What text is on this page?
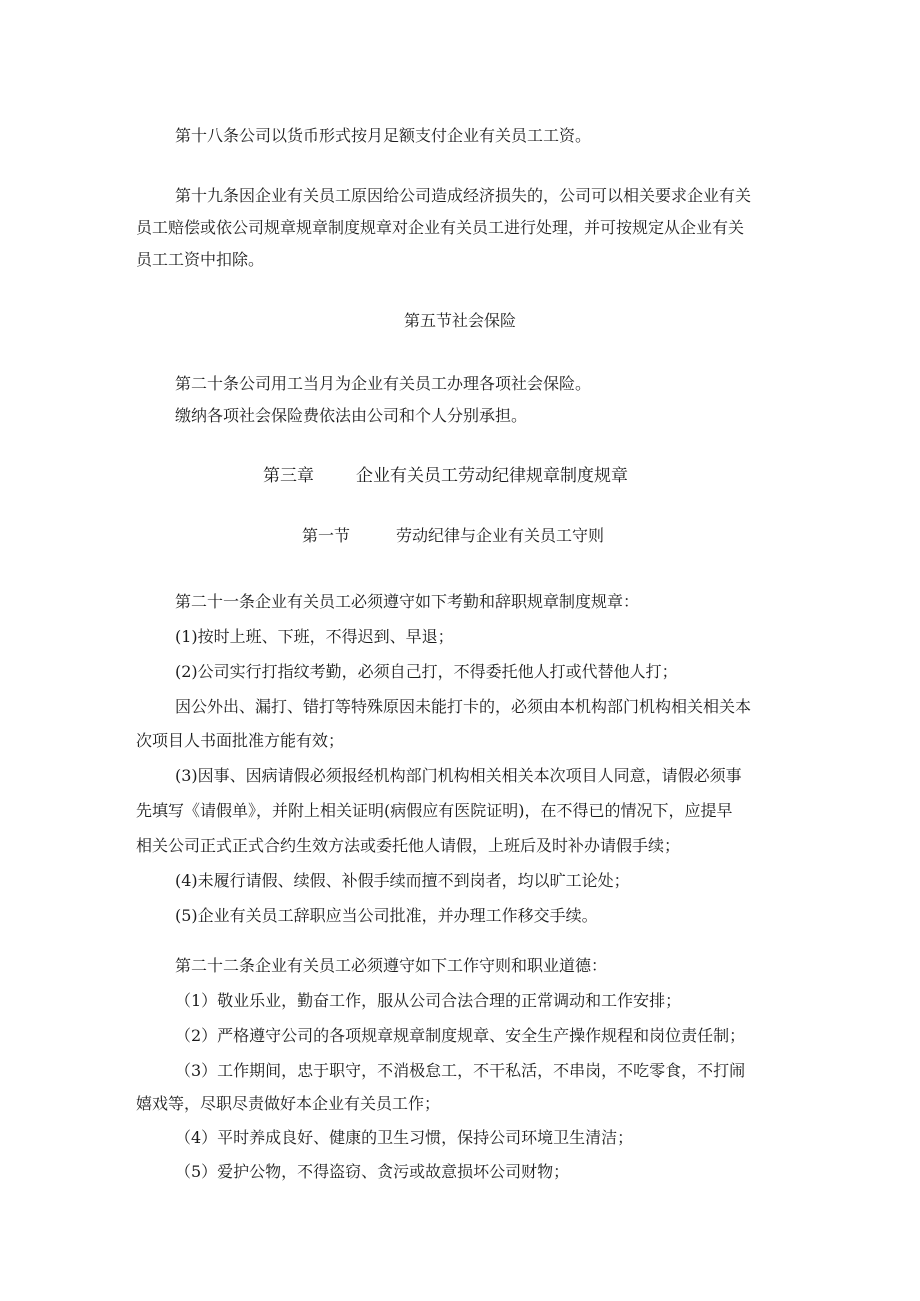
第十八条公司以货币形式按月足额支付企业有关员工工资。
第十九条因企业有关员工原因给公司造成经济损失的，公司可以相关要求企业有关
员工赔偿或依公司规章规章制度规章对企业有关员工进行处理，并可按规定从企业有关
员工工资中扣除。
第五节社会保险
第二十条公司用工当月为企业有关员工办理各项社会保险。
缴纳各项社会保险费依法由公司和个人分别承担。
第三章 企业有关员工劳动纪律规章制度规章
第一节	劳动纪律与企业有关员工守则
第二十一条企业有关员工必须遵守如下考勤和辞职规章制度规章：
(1)按时上班、下班，不得迟到、早退；
(2)公司实行打指纹考勤，必须自己打，不得委托他人打或代替他人打；
因公外出、漏打、错打等特殊原因未能打卡的，必须由本机构部门机构相关相关本
次项目人书面批准方能有效；
(3)因事、因病请假必须报经机构部门机构相关相关本次项目人同意，请假必须事
先填写《请假单》，并附上相关证明(病假应有医院证明)，在不得已的情况下，应提早
相关公司正式正式合约生效方法或委托他人请假，上班后及时补办请假手续；
(4)未履行请假、续假、补假手续而擅不到岗者，均以旷工论处；
(5)企业有关员工辞职应当公司批准，并办理工作移交手续。
第二十二条企业有关员工必须遵守如下工作守则和职业道德：
（1）敬业乐业，勤奋工作，服从公司合法合理的正常调动和工作安排；
（2）严格遵守公司的各项规章规章制度规章、安全生产操作规程和岗位责任制；
（3）工作期间，忠于职守，不消极怠工，不干私活，不串岗，不吃零食，不打闹
嬉戏等，尽职尽责做好本企业有关员工作；
（4）平时养成良好、健康的卫生习惯，保持公司环境卫生清洁；
（5）爱护公物，不得盗窃、贪污或故意损坏公司财物；
